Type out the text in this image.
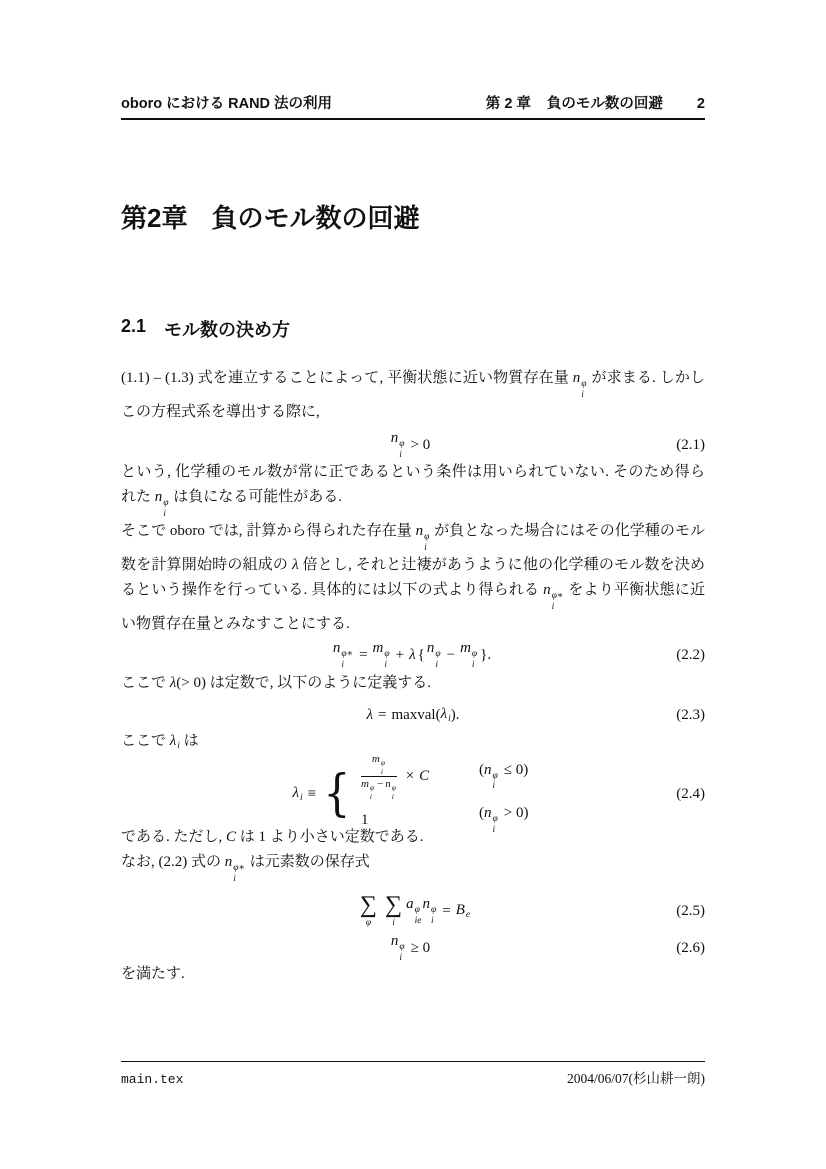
oboro における RAND 法の利用	第 2 章 負のモル数の回避 2
第2章 負のモル数の回避
2.1 モル数の決め方

(1.1) – (1.3) 式を連立することによって, 平衡状態に近い物質存在量 n φ
i
が求まる. しかしこの方程式系を導出する際に,

n φ
i
> 0	(2.1)

という, 化学種のモル数が常に正であるという条件は用いられていない. そのため得られた n φ
i
は負になる可能性がある.

そこで oboro では, 計算から得られた存在量 n φ
i
が負となった場合にはその化学種のモル数を計算開始時の組成の λ 倍とし, それと辻褄があうように他の化学種のモル数を決めるという操作を行っている. 具体的には以下の式より得られる n φ∗
i
をより平衡状態に近い物質存在量とみなすことにする.

n φ∗
i
= m φ
i
+ λ { n φ
i
− m φ
i
}.	(2.2)

ここで λ(> 0) は定数で, 以下のように定義する.

λ = maxval ( $\lambda_i$ ).	(2.3)

ここで $\lambda_i$ は

$\lambda_i$ ≡ { m φ
i
m φ
i
− n φ
i × C	(n φ
i
≤ 0)
1	(n φ
i
> 0)
(2.4)

である. ただし, C は 1 より小さい定数である.

なお, (2.2) 式の n φ∗
i
は元素数の保存式

∑
φ
∑
i
a φ
ie
n φ
i
= $B_e$	(2.5)
n φ
i
≥ 0	(2.6)

を満たす.

main.tex	2004/06/07(杉山耕一朗)
